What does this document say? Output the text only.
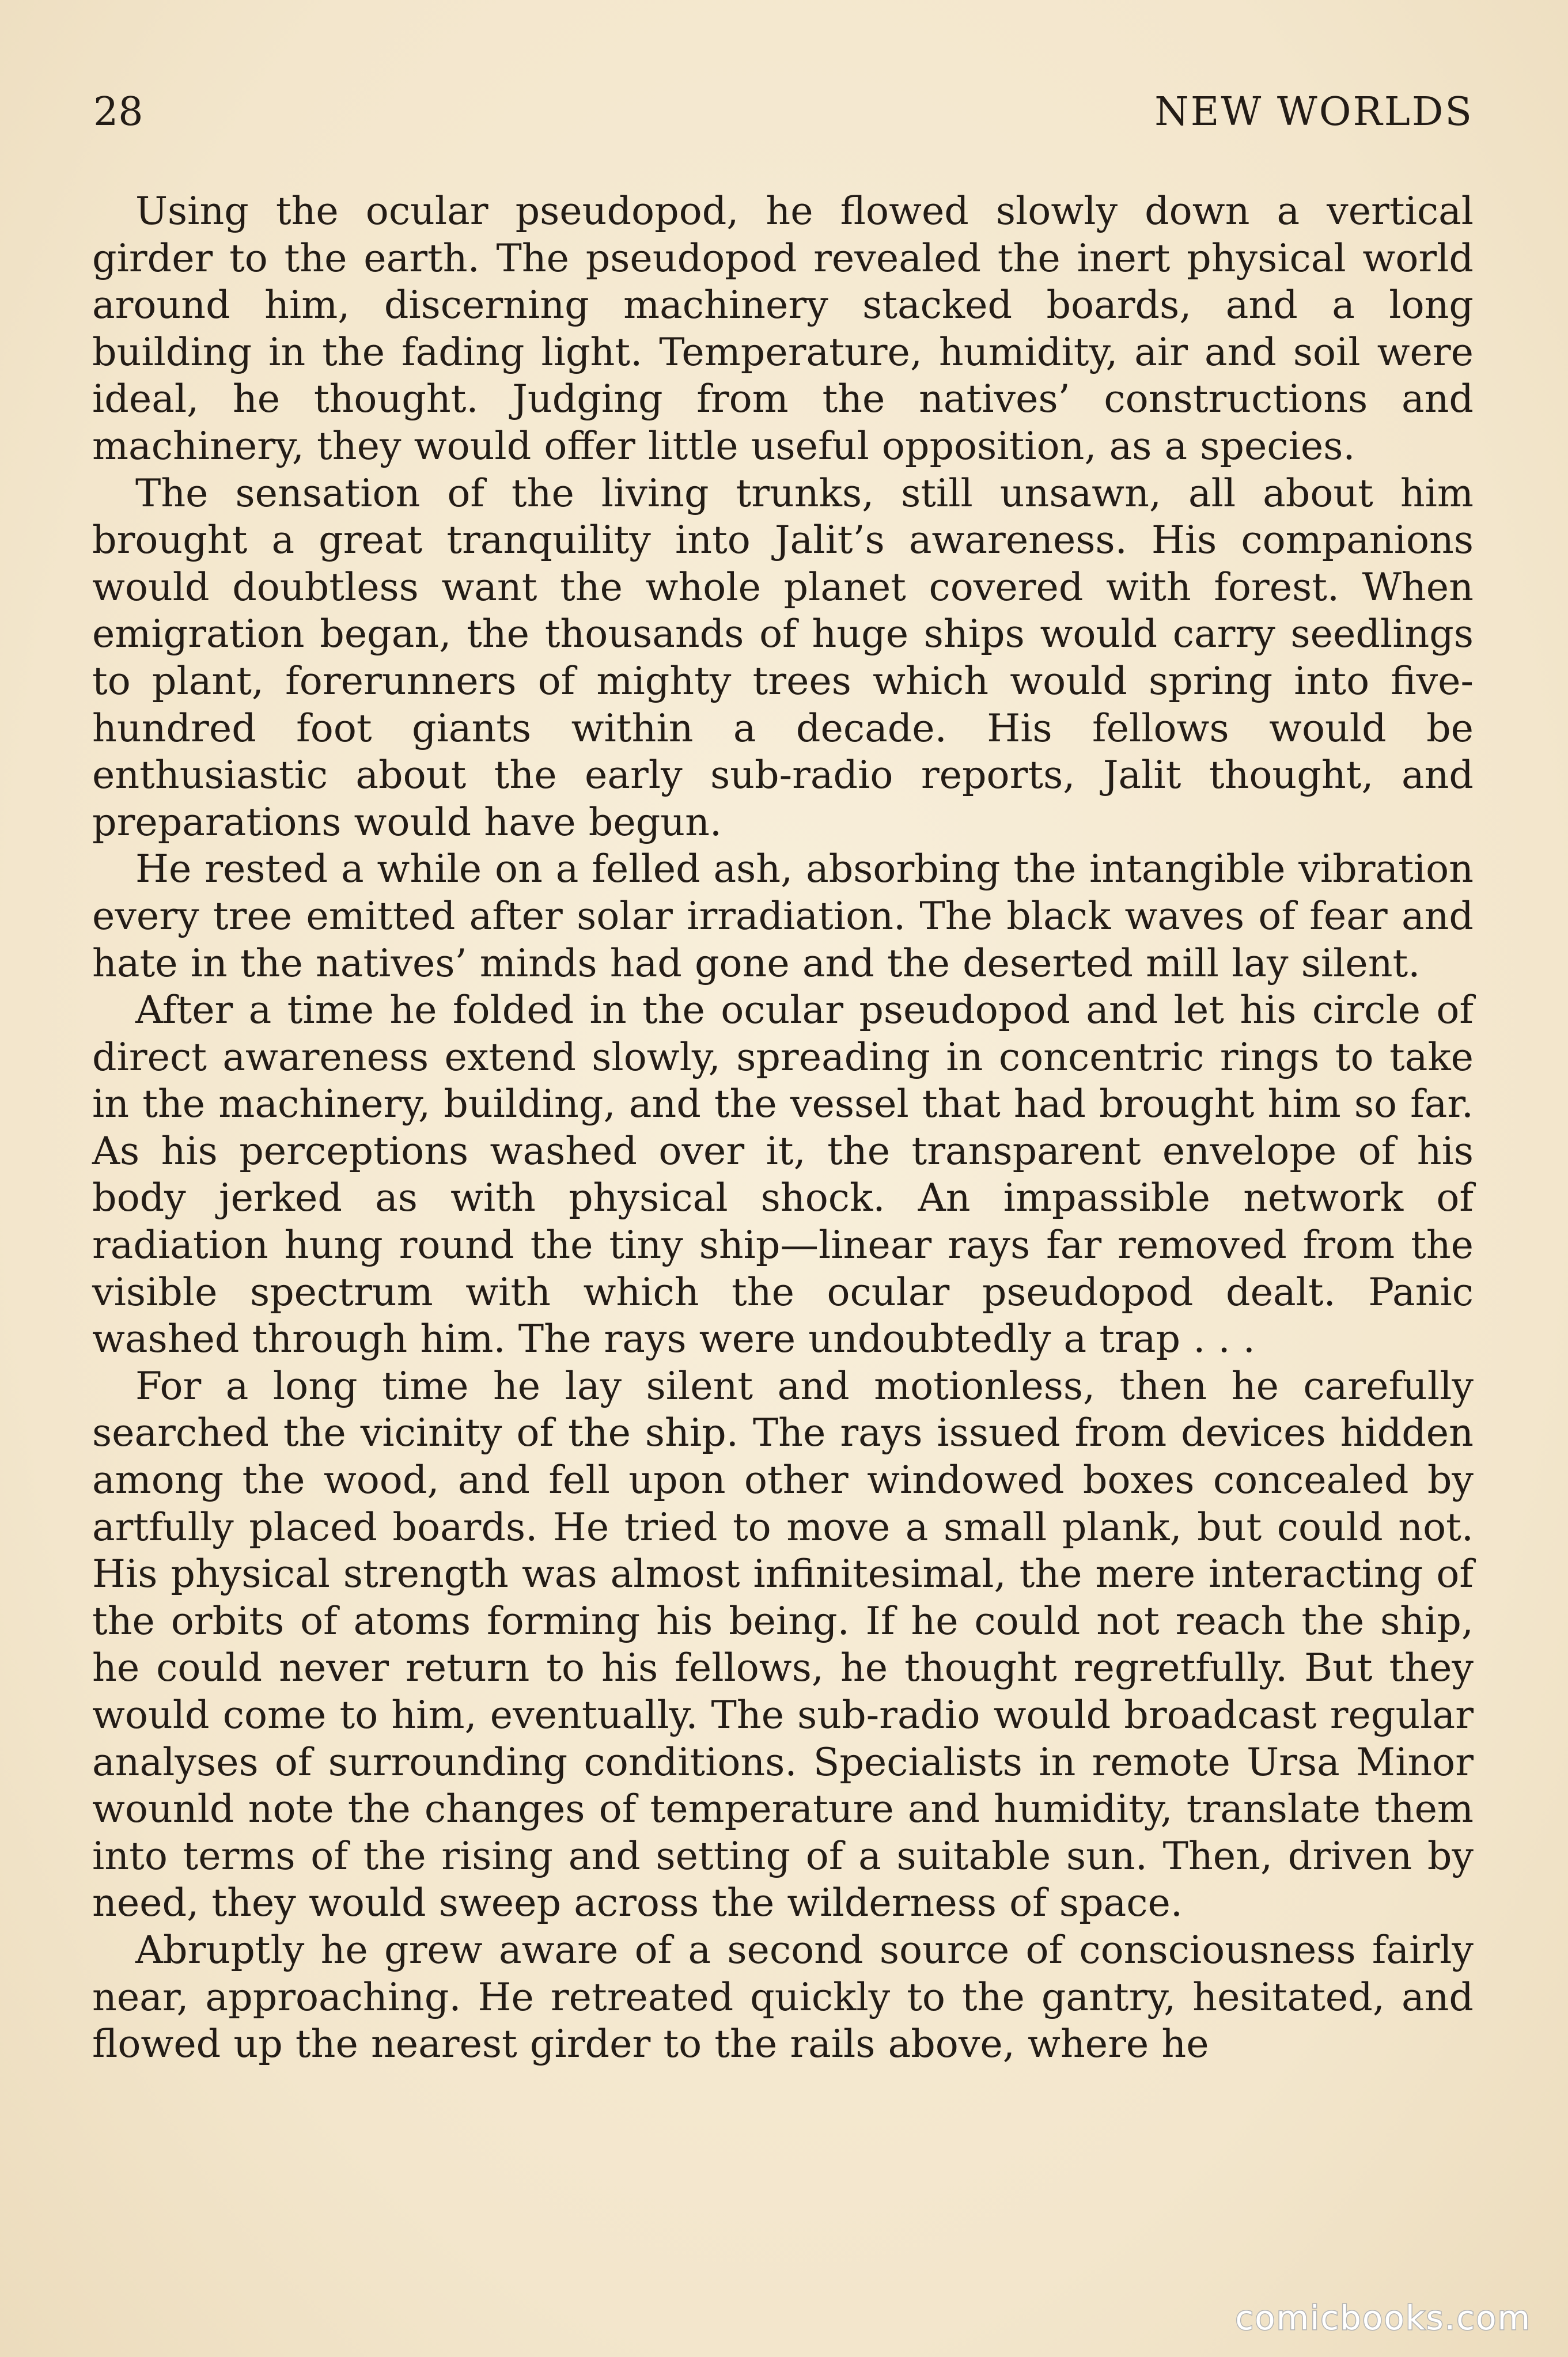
28	NEW WORLDS

Using the ocular pseudopod, he flowed slowly down a vertical girder to the earth. The pseudopod revealed the inert physical world around him, discerning machinery stacked boards, and a long building in the fading light. Temperature, humidity, air and soil were ideal, he thought. Judging from the natives’ constructions and machinery, they would offer little useful opposition, as a species.

The sensation of the living trunks, still unsawn, all about him brought a great tranquility into Jalit’s awareness. His companions would doubtless want the whole planet covered with forest. When emigration began, the thousands of huge ships would carry seedlings to plant, forerunners of mighty trees which would spring into five-hundred foot giants within a decade. His fellows would be enthusiastic about the early sub-radio reports, Jalit thought, and preparations would have begun.

He rested a while on a felled ash, absorbing the intangible vibration every tree emitted after solar irradiation. The black waves of fear and hate in the natives’ minds had gone and the deserted mill lay silent.

After a time he folded in the ocular pseudopod and let his circle of direct awareness extend slowly, spreading in concentric rings to take in the machinery, building, and the vessel that had brought him so far. As his perceptions washed over it, the transparent envelope of his body jerked as with physical shock. An impassible network of radiation hung round the tiny ship—linear rays far removed from the visible spectrum with which the ocular pseudopod dealt. Panic washed through him. The rays were undoubtedly a trap . . .

For a long time he lay silent and motionless, then he carefully searched the vicinity of the ship. The rays issued from devices hidden among the wood, and fell upon other windowed boxes concealed by artfully placed boards. He tried to move a small plank, but could not. His physical strength was almost infinitesimal, the mere interacting of the orbits of atoms forming his being. If he could not reach the ship, he could never return to his fellows, he thought regretfully. But they would come to him, eventually. The sub-radio would broadcast regular analyses of surrounding conditions. Specialists in remote Ursa Minor wounld note the changes of temperature and humidity, translate them into terms of the rising and setting of a suitable sun. Then, driven by need, they would sweep across the wilderness of space.

Abruptly he grew aware of a second source of consciousness fairly near, approaching. He retreated quickly to the gantry, hesitated, and flowed up the nearest girder to the rails above, where he

comicbooks.com
